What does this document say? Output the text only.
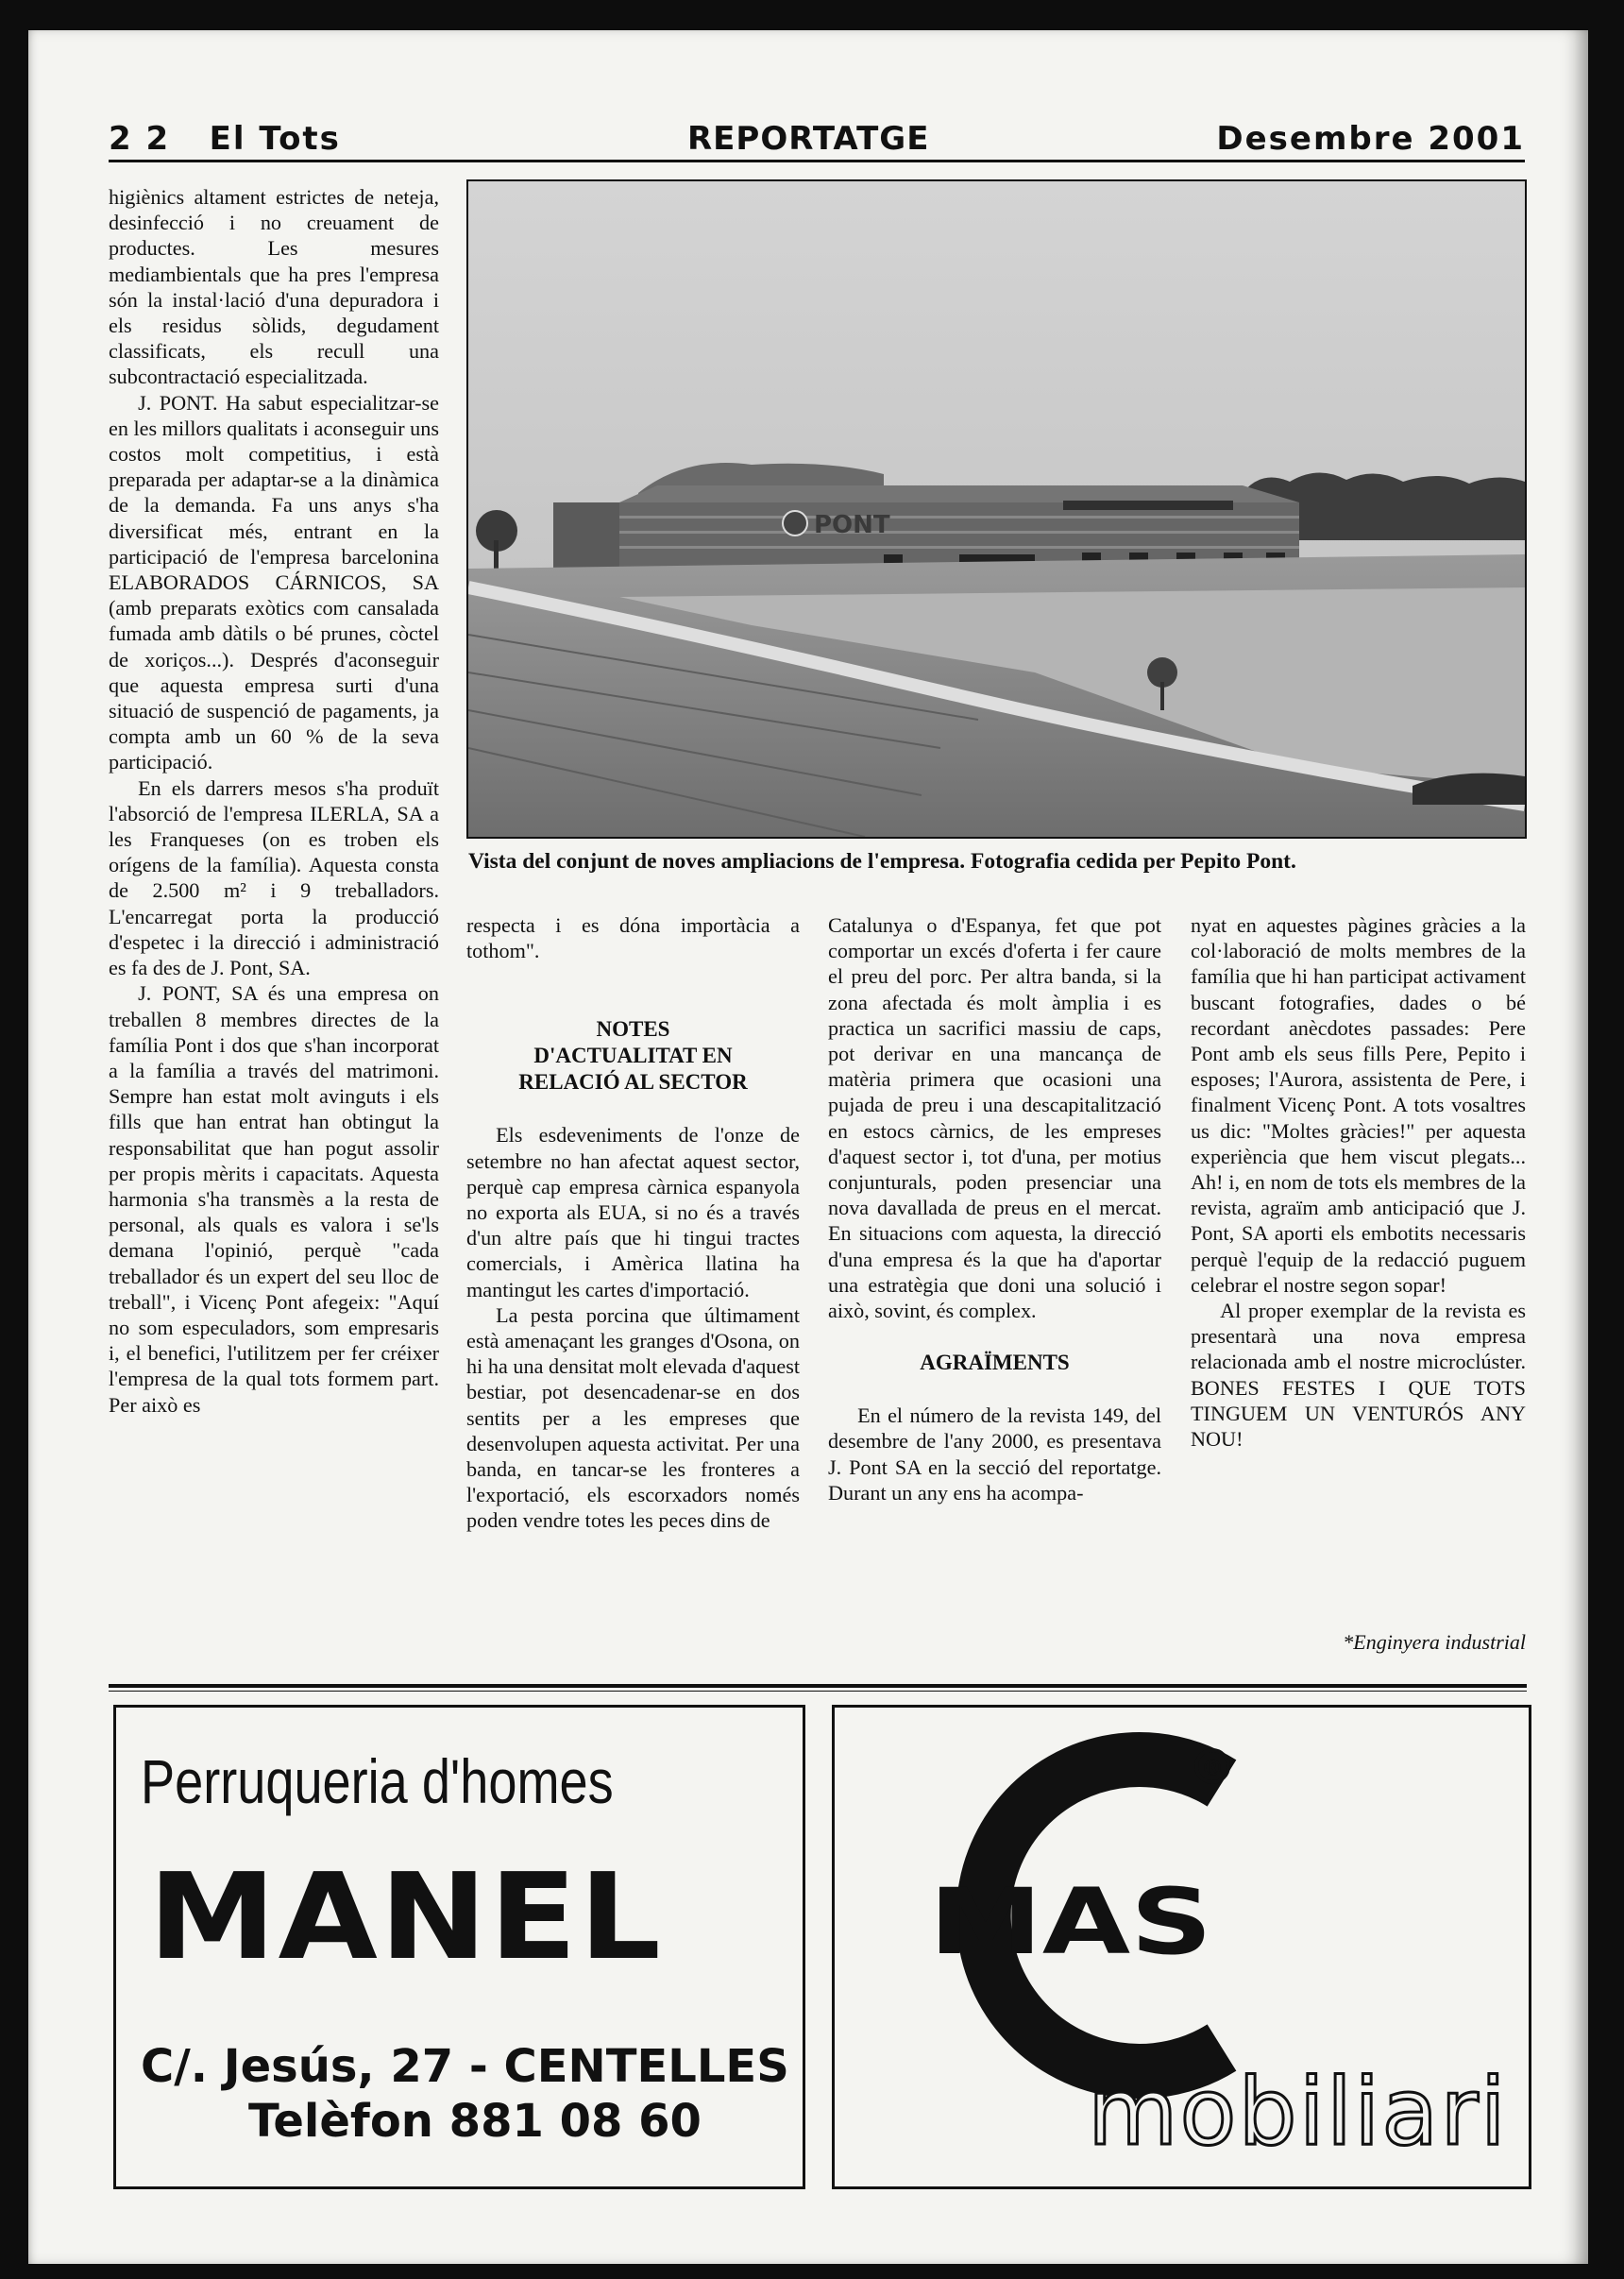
2 2 El Tots	REPORTATGE	Desembre 2001

higiènics altament estrictes de neteja, desinfecció i no creuament de productes. Les mesures mediambientals que ha pres l'empresa són la instal·lació d'una depuradora i els residus sòlids, degudament classificats, els recull una subcontractació especialitzada.

J. PONT. Ha sabut especialitzar-se en les millors qualitats i aconseguir uns costos molt competitius, i està preparada per adaptar-se a la dinàmica de la demanda. Fa uns anys s'ha diversificat més, entrant en la participació de l'empresa barcelonina ELABORADOS CÁRNICOS, SA (amb preparats exòtics com cansalada fumada amb dàtils o bé prunes, còctel de xoriços...). Després d'aconseguir que aquesta empresa surti d'una situació de suspenció de pagaments, ja compta amb un 60 % de la seva participació.

En els darrers mesos s'ha produït l'absorció de l'empresa ILERLA, SA a les Franqueses (on es troben els orígens de la família). Aquesta consta de 2.500 m² i 9 treballadors. L'encarregat porta la producció d'espetec i la direcció i administració es fa des de J. Pont, SA.

J. PONT, SA és una empresa on treballen 8 membres directes de la família Pont i dos que s'han incorporat a la família a través del matrimoni. Sempre han estat molt avinguts i els fills que han entrat han obtingut la responsabilitat que han pogut assolir per propis mèrits i capacitats. Aquesta harmonia s'ha transmès a la resta de personal, als quals es valora i se'ls demana l'opinió, perquè "cada treballador és un expert del seu lloc de treball", i Vicenç Pont afegeix: "Aquí no som especuladors, som empresaris i, el benefici, l'utilitzem per fer créixer l'empresa de la qual tots formem part. Per això es

PONT
Vista del conjunt de noves ampliacions de l'empresa. Fotografia cedida per Pepito Pont.

respecta i es dóna importàcia a tothom".

NOTES
D'ACTUALITAT EN
RELACIÓ AL SECTOR

Els esdeveniments de l'onze de setembre no han afectat aquest sector, perquè cap empresa càrnica espanyola no exporta als EUA, si no és a través d'un altre país que hi tingui tractes comercials, i Amèrica llatina ha mantingut les cartes d'importació.

La pesta porcina que últimament està amenaçant les granges d'Osona, on hi ha una densitat molt elevada d'aquest bestiar, pot desencadenar-se en dos sentits per a les empreses que desenvolupen aquesta activitat. Per una banda, en tancar-se les fronteres a l'exportació, els escorxadors només poden vendre totes les peces dins de

Catalunya o d'Espanya, fet que pot comportar un excés d'oferta i fer caure el preu del porc. Per altra banda, si la zona afectada és molt àmplia i es practica un sacrifici massiu de caps, pot derivar en una mancança de matèria primera que ocasioni una pujada de preu i una descapitalització en estocs càrnics, de les empreses d'aquest sector i, tot d'una, per motius conjunturals, poden presenciar una nova davallada de preus en el mercat. En situacions com aquesta, la direcció d'una empresa és la que ha d'aportar una estratègia que doni una solució i això, sovint, és complex.

AGRAÏMENTS

En el número de la revista 149, del desembre de l'any 2000, es presentava J. Pont SA en la secció del reportatge. Durant un any ens ha acompa-

nyat en aquestes pàgines gràcies a la col·laboració de molts membres de la família que hi han participat activament buscant fotografies, dades o bé recordant anècdotes passades: Pere Pont amb els seus fills Pere, Pepito i esposes; l'Aurora, assistenta de Pere, i finalment Vicenç Pont. A tots vosaltres us dic: "Moltes gràcies!" per aquesta experiència que hem viscut plegats... Ah! i, en nom de tots els membres de la revista, agraïm amb anticipació que J. Pont, SA aporti els embotits necessaris perquè l'equip de la redacció puguem celebrar el nostre segon sopar!

Al proper exemplar de la revista es presentarà una nova empresa relacionada amb el nostre microclúster. BONES FESTES I QUE TOTS TINGUEM UN VENTURÓS ANY NOU!

*Enginyera industrial
Perruqueria d'homes
MANEL
C/. Jesús, 27 - CENTELLES
Telèfon 881 08 60
®
MAS
mobiliari
